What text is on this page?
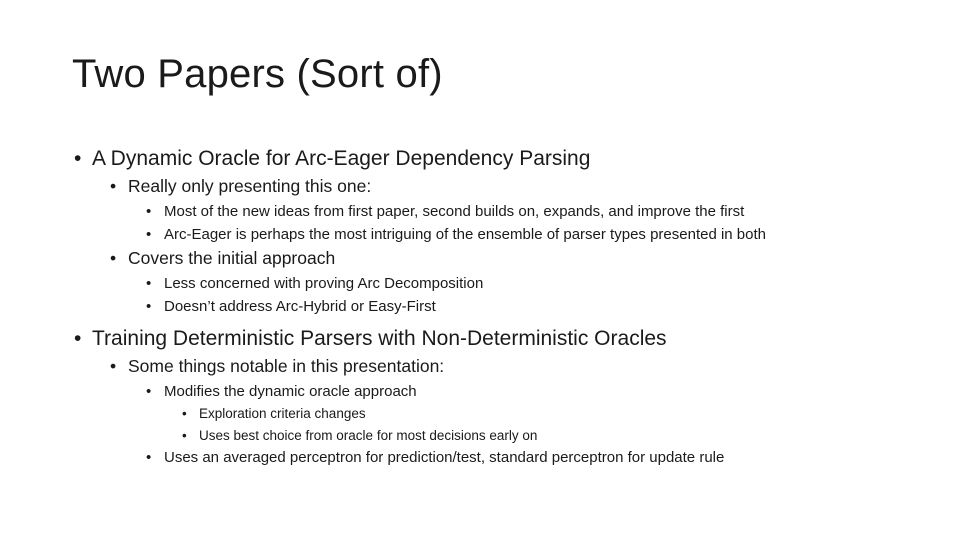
Two Papers (Sort of)
• A Dynamic Oracle for Arc-Eager Dependency Parsing
• Really only presenting this one:
• Most of the new ideas from first paper, second builds on, expands, and improve the first
• Arc-Eager is perhaps the most intriguing of the ensemble of parser types presented in both
• Covers the initial approach
• Less concerned with proving Arc Decomposition
• Doesn’t address Arc-Hybrid or Easy-First
• Training Deterministic Parsers with Non-Deterministic Oracles
• Some things notable in this presentation:
• Modifies the dynamic oracle approach
• Exploration criteria changes
• Uses best choice from oracle for most decisions early on
• Uses an averaged perceptron for prediction/test, standard perceptron for update rule
